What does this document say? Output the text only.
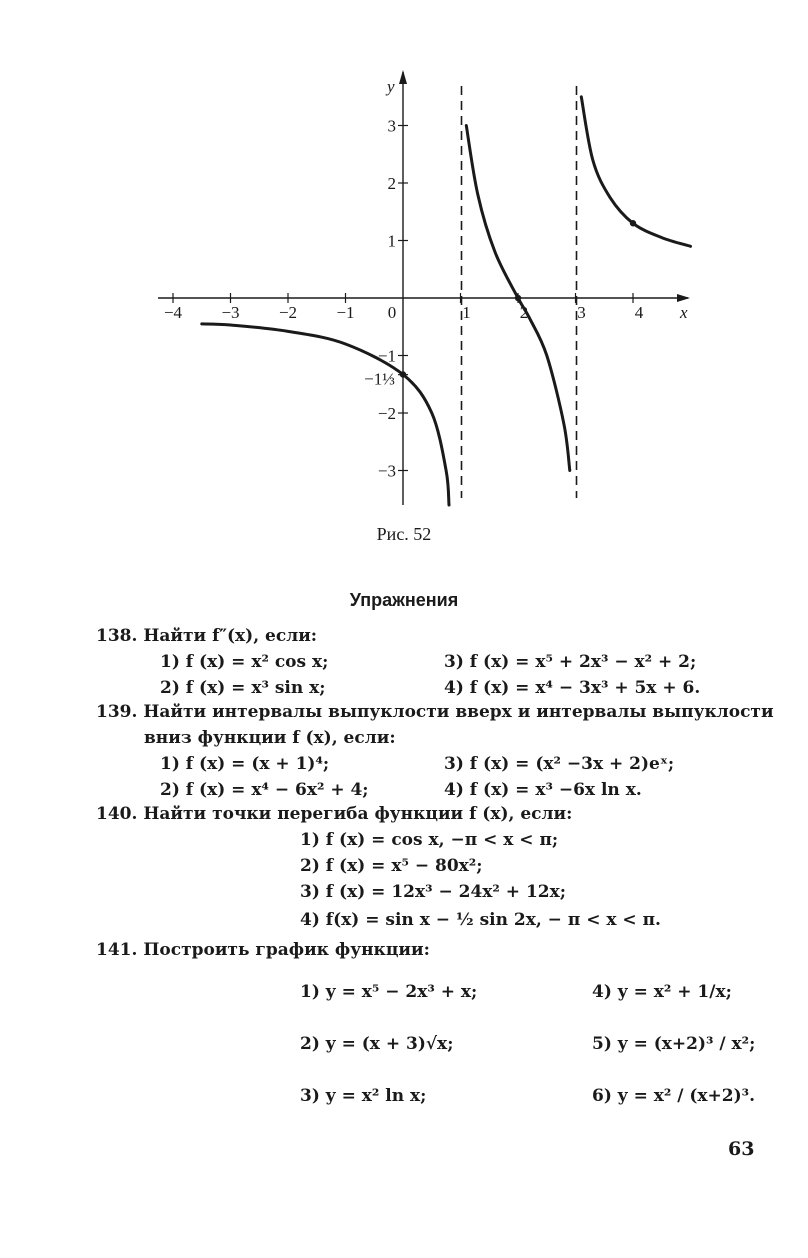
−4 −3 −2 −1 0	1	2	3	4
3
2
1
−1
−2
−3
−1⅓
x
y
Рис. 52
Упражнения
138. Найти f″(x), если:
1) f (x) = x² cos x;	3) f (x) = x⁵ + 2x³ − x² + 2;
2) f (x) = x³ sin x;	4) f (x) = x⁴ − 3x³ + 5x + 6.
139. Найти интервалы выпуклости вверх и интервалы выпуклости
вниз функции f (x), если:
1) f (x) = (x + 1)⁴;	3) f (x) = (x² −3x + 2)eˣ;
2) f (x) = x⁴ − 6x² + 4;	4) f (x) = x³ −6x ln x.
140. Найти точки перегиба функции f (x), если:
1) f (x) = cos x, −π < x < π;
2) f (x) = x⁵ − 80x²;
3) f (x) = 12x³ − 24x² + 12x;
4) f(x) = sin x − ½ sin 2x, − π < x < π.
141. Построить график функции:
1) y = x⁵ − 2x³ + x;	4) y = x² + 1/x;
2) y = (x + 3)√x;	5) y = (x+2)³ / x²;
3) y = x² ln x;	6) y = x² / (x+2)³.
63
